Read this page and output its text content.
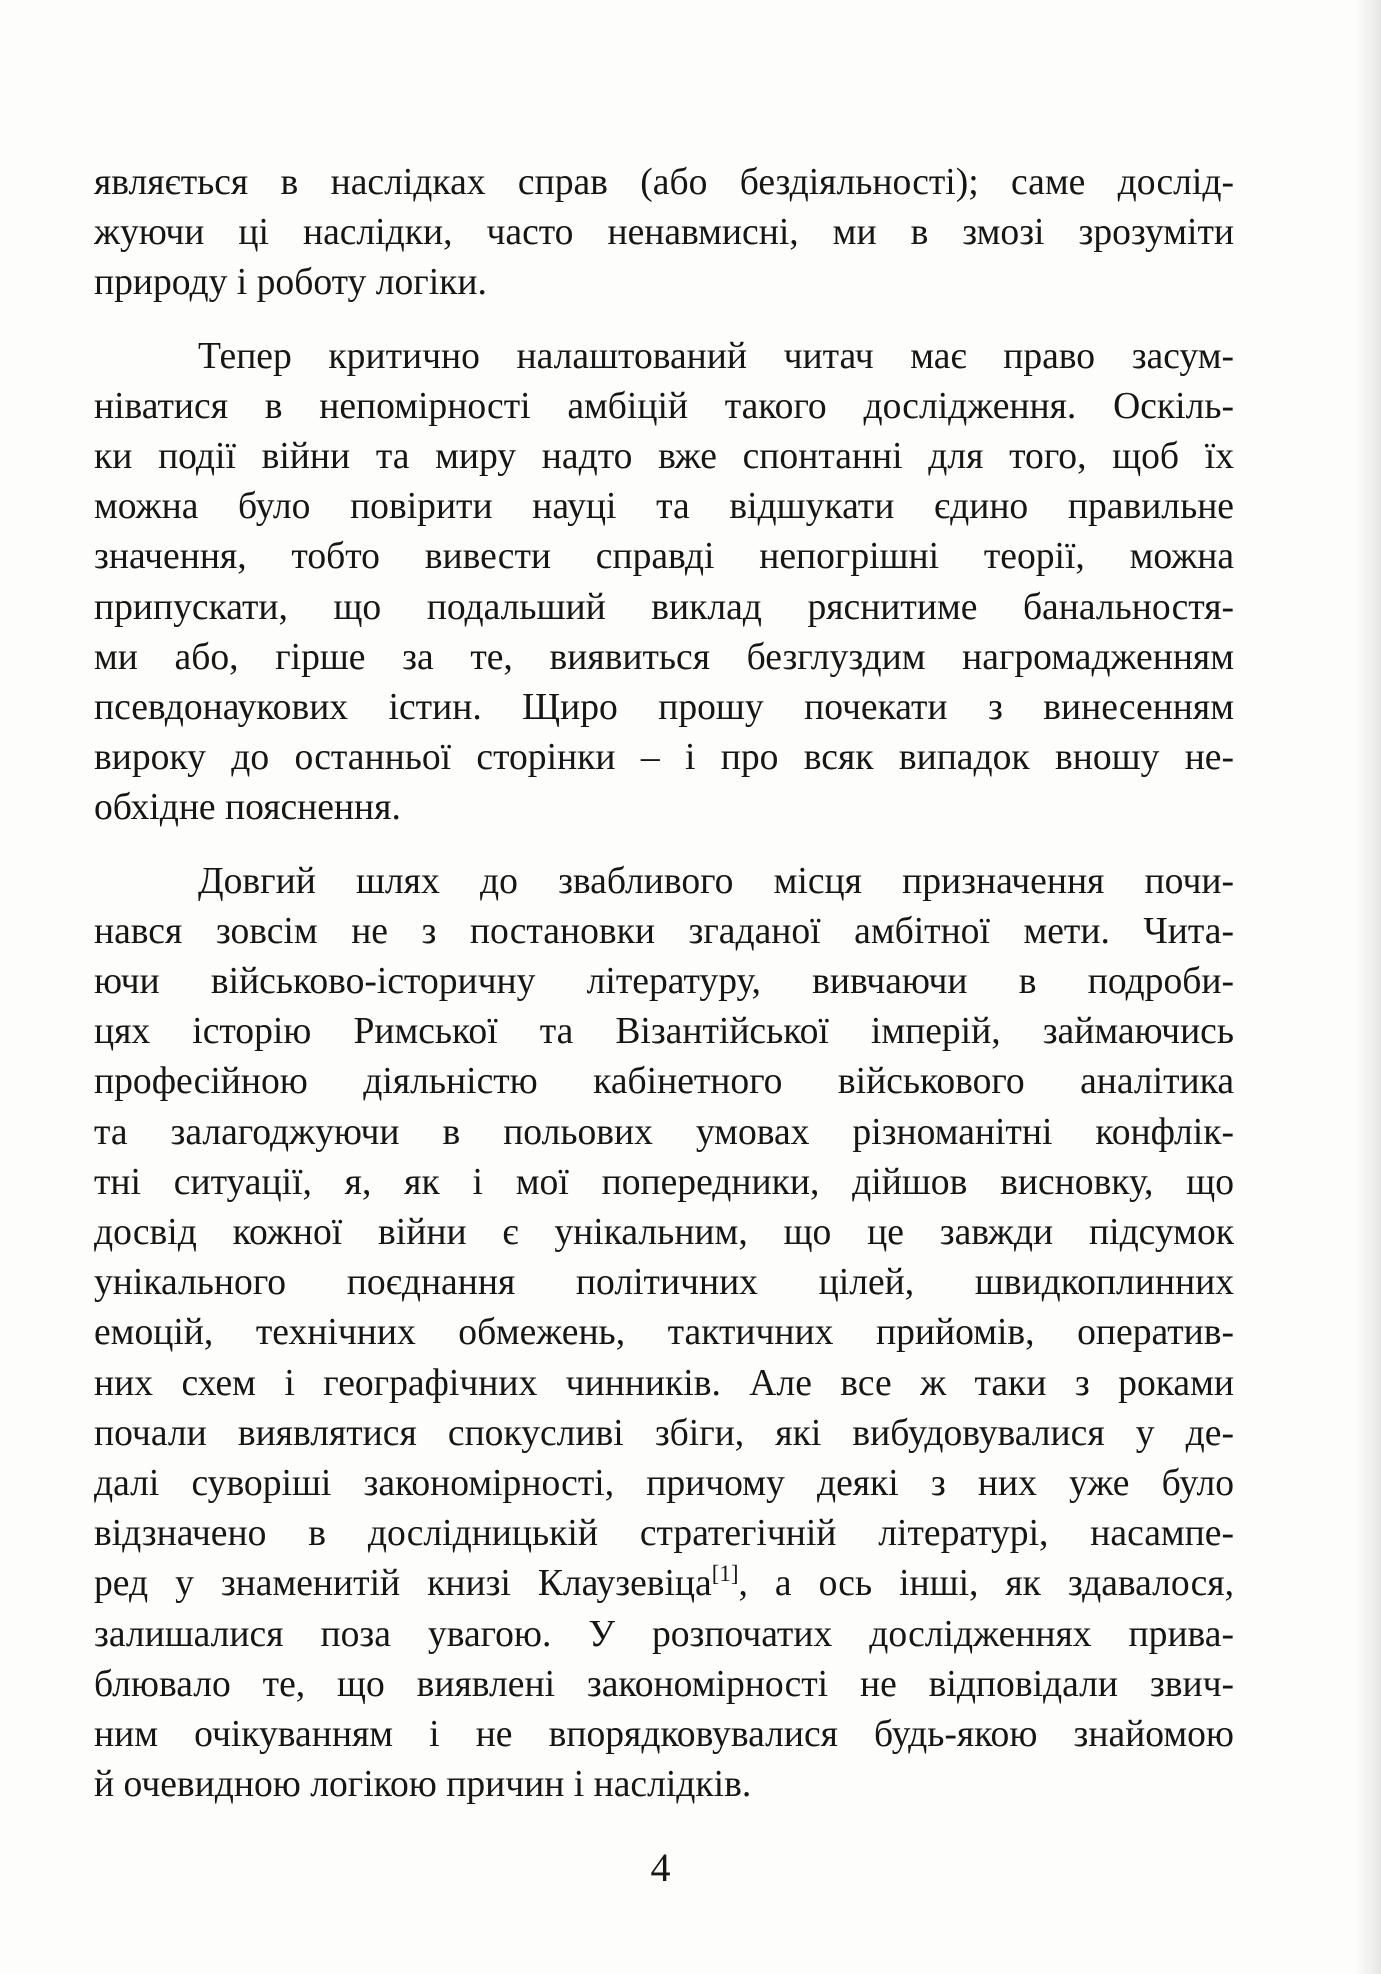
являється в наслідках справ (або бездіяльності); саме дослід-
жуючи ці наслідки, часто ненавмисні, ми в змозі зрозуміти
природу і роботу логіки.

Тепер критично налаштований читач має право засум-
ніватися в непомірності амбіцій такого дослідження. Оскіль-
ки події війни та миру надто вже спонтанні для того, щоб їх
можна було повірити науці та відшукати єдино правильне
значення, тобто вивести справді непогрішні теорії, можна
припускати, що подальший виклад ряснитиме банальностя-
ми або, гірше за те, виявиться безглуздим нагромадженням
псевдонаукових істин. Щиро прошу почекати з винесенням
вироку до останньої сторінки – і про всяк випадок вношу не-
обхідне пояснення.

Довгий шлях до звабливого місця призначення почи-
нався зовсім не з постановки згаданої амбітної мети. Чита-
ючи військово-історичну літературу, вивчаючи в подроби-
цях історію Римської та Візантійської імперій, займаючись
професійною діяльністю кабінетного військового аналітика
та залагоджуючи в польових умовах різноманітні конфлік-
тні ситуації, я, як і мої попередники, дійшов висновку, що
досвід кожної війни є унікальним, що це завжди підсумок
унікального поєднання політичних цілей, швидкоплинних
емоцій, технічних обмежень, тактичних прийомів, оператив-
них схем і географічних чинників. Але все ж таки з роками
почали виявлятися спокусливі збіги, які вибудовувалися у де-
далі суворіші закономірності, причому деякі з них уже було
відзначено в дослідницькій стратегічній літературі, насампе-
ред у знаменитій книзі Клаузевіца[1], а ось інші, як здавалося,
залишалися поза увагою. У розпочатих дослідженнях прива-
блювало те, що виявлені закономірності не відповідали звич-
ним очікуванням і не впорядковувалися будь-якою знайомою
й очевидною логікою причин і наслідків.

4
